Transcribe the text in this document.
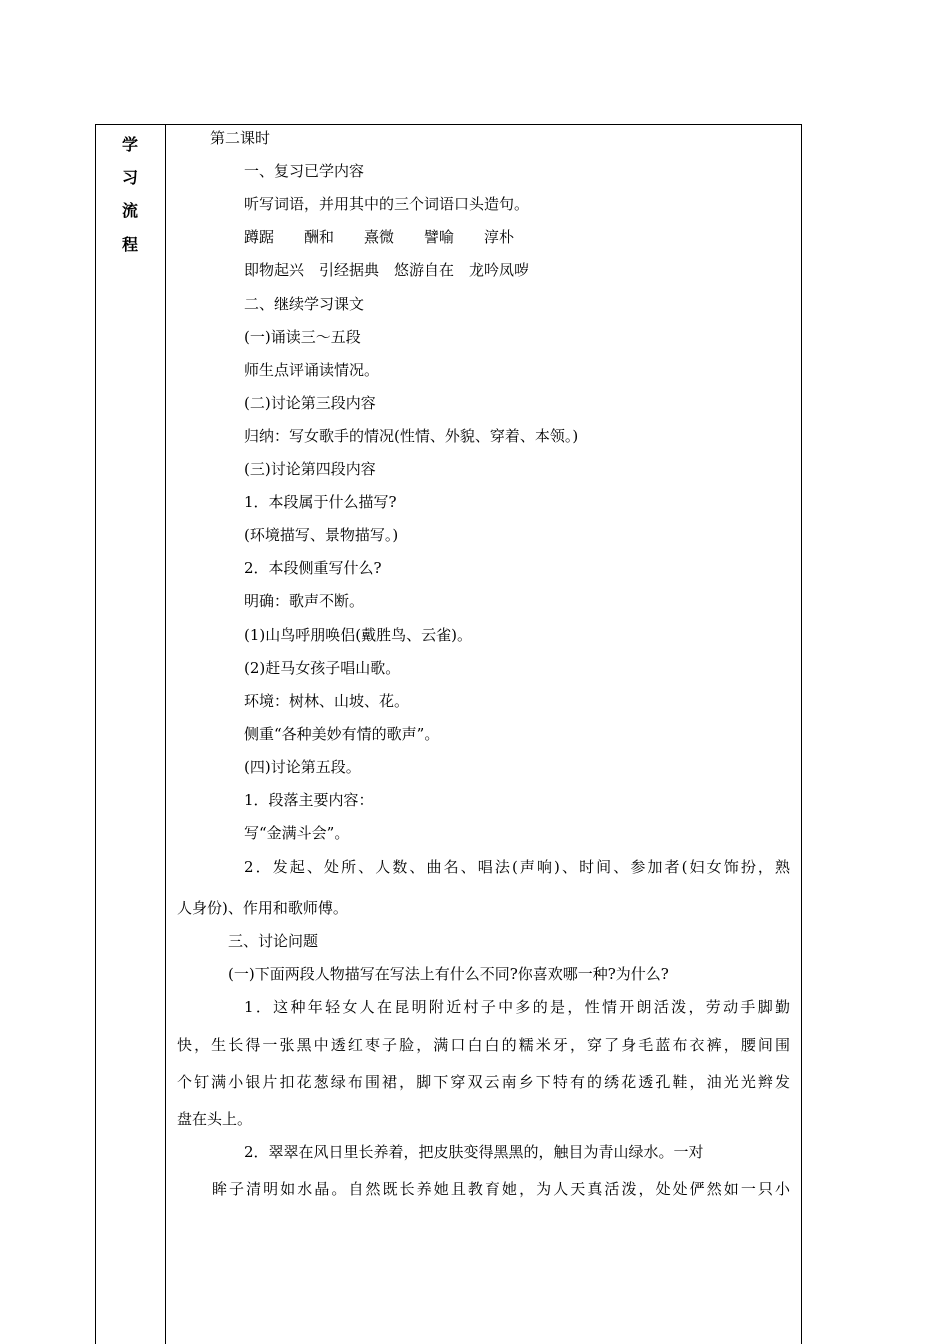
学
习
流
程
第二课时
一、复习已学内容
听写词语，并用其中的三个词语口头造句。
蹲踞　　酬和　　熹微　　譬喻　　淳朴
即物起兴　引经据典　悠游自在　龙吟凤哕
二、继续学习课文
(一)诵读三～五段
师生点评诵读情况。
(二)讨论第三段内容
归纳：写女歌手的情况(性情、外貌、穿着、本领。)
(三)讨论第四段内容
1．本段属于什么描写?
(环境描写、景物描写。)
2．本段侧重写什么?
明确：歌声不断。
(1)山鸟呼朋唤侣(戴胜鸟、云雀)。
(2)赶马女孩子唱山歌。
环境：树林、山坡、花。
侧重“各种美妙有情的歌声”。
(四)讨论第五段。
1．段落主要内容：
写“金满斗会”。
2．发起、处所、人数、曲名、唱法(声响)、时间、参加者(妇女饰扮，熟
人身份)、作用和歌师傅。
三、讨论问题
(一)下面两段人物描写在写法上有什么不同?你喜欢哪一种?为什么?
1．这种年轻女人在昆明附近村子中多的是，性情开朗活泼，劳动手脚勤
快，生长得一张黑中透红枣子脸，满口白白的糯米牙，穿了身毛蓝布衣裤，腰间围
个钉满小银片扣花葱绿布围裙，脚下穿双云南乡下特有的绣花透孔鞋，油光光辫发
盘在头上。
2．翠翠在风日里长养着，把皮肤变得黑黑的，触目为青山绿水。一对
眸子清明如水晶。自然既长养她且教育她，为人天真活泼，处处俨然如一只小
